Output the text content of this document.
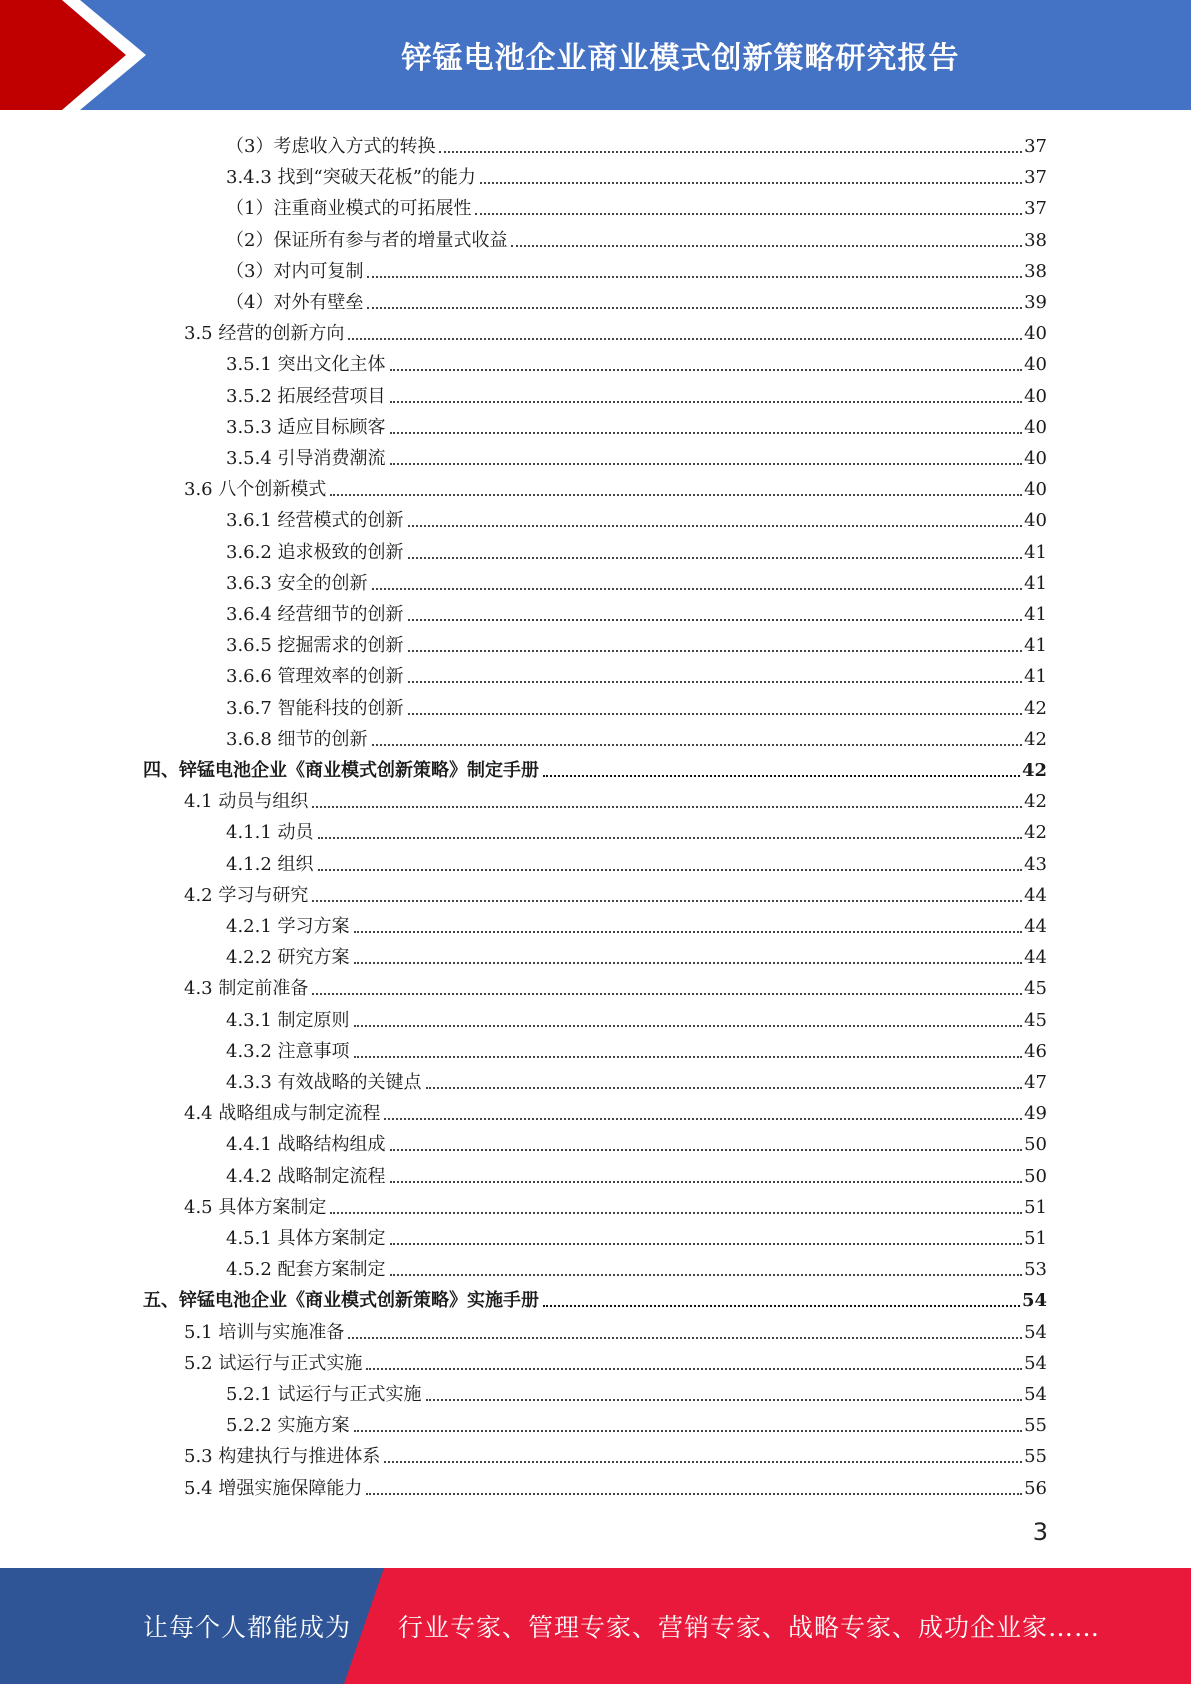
锌锰电池企业商业模式创新策略研究报告
（3）考虑收入方式的转换	37
3.4.3 找到“突破天花板”的能力	37
（1）注重商业模式的可拓展性	37
（2）保证所有参与者的增量式收益	38
（3）对内可复制	38
（4）对外有壁垒	39
3.5 经营的创新方向	40
3.5.1 突出文化主体	40
3.5.2 拓展经营项目	40
3.5.3 适应目标顾客	40
3.5.4 引导消费潮流	40
3.6 八个创新模式	40
3.6.1 经营模式的创新	40
3.6.2 追求极致的创新	41
3.6.3 安全的创新	41
3.6.4 经营细节的创新	41
3.6.5 挖掘需求的创新	41
3.6.6 管理效率的创新	41
3.6.7 智能科技的创新	42
3.6.8 细节的创新	42
四、锌锰电池企业《商业模式创新策略》制定手册	42
4.1 动员与组织	42
4.1.1 动员	42
4.1.2 组织	43
4.2 学习与研究	44
4.2.1 学习方案	44
4.2.2 研究方案	44
4.3 制定前准备	45
4.3.1 制定原则	45
4.3.2 注意事项	46
4.3.3 有效战略的关键点	47
4.4 战略组成与制定流程	49
4.4.1 战略结构组成	50
4.4.2 战略制定流程	50
4.5 具体方案制定	51
4.5.1 具体方案制定	51
4.5.2 配套方案制定	53
五、锌锰电池企业《商业模式创新策略》实施手册	54
5.1 培训与实施准备	54
5.2 试运行与正式实施	54
5.2.1 试运行与正式实施	54
5.2.2 实施方案	55
5.3 构建执行与推进体系	55
5.4 增强实施保障能力	56
3
让每个人都能成为 行业专家、管理专家、营销专家、战略专家、成功企业家……
